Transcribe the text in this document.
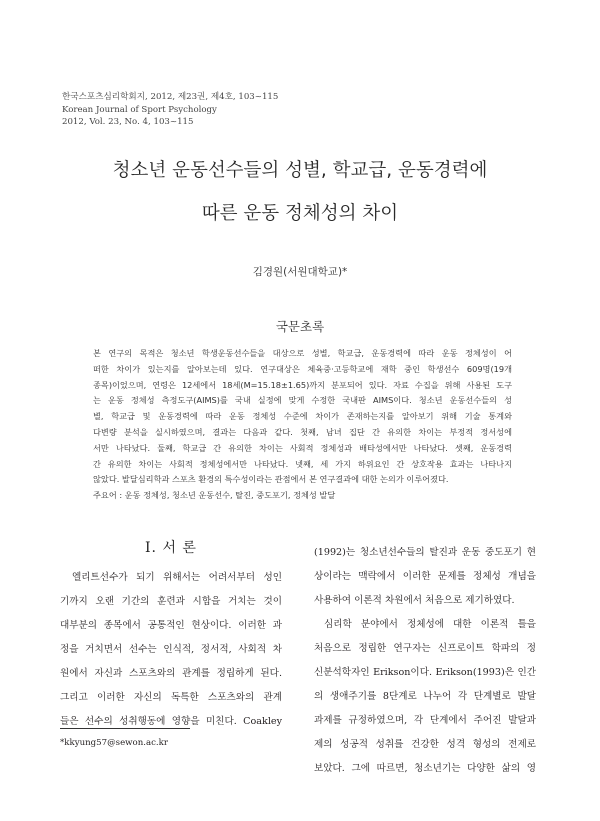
한국스포츠심리학회지, 2012, 제23권, 제4호, 103~115
Korean Journal of Sport Psychology
2012, Vol. 23, No. 4, 103~115
청소년 운동선수들의 성별, 학교급, 운동경력에
따른 운동 정체성의 차이
김경원(서원대학교)*
국문초록
본 연구의 목적은 청소년 학생운동선수들을 대상으로 성별, 학교급, 운동경력에 따라 운동 정체성이 어
떠한 차이가 있는지를 알아보는데 있다. 연구대상은 체육중·고등학교에 재학 중인 학생선수 609명(19개
종목)이었으며, 연령은 12세에서 18세(M=15.18±1.65)까지 분포되어 있다. 자료 수집을 위해 사용된 도구
는 운동 정체성 측정도구(AIMS)를 국내 실정에 맞게 수정한 국내판 AIMS이다. 청소년 운동선수들의 성
별, 학교급 및 운동경력에 따라 운동 정체성 수준에 차이가 존재하는지를 알아보기 위해 기술 통계와
다변량 분석을 실시하였으며, 결과는 다음과 같다. 첫째, 남녀 집단 간 유의한 차이는 부정적 정서성에
서만 나타났다. 둘째, 학교급 간 유의한 차이는 사회적 정체성과 배타성에서만 나타났다. 셋째, 운동경력
간 유의한 차이는 사회적 정체성에서만 나타났다. 넷째, 세 가지 하위요인 간 상호작용 효과는 나타나지
않았다. 발달심리학과 스포츠 환경의 특수성이라는 관점에서 본 연구결과에 대한 논의가 이루어졌다.
주요어 : 운동 정체성, 청소년 운동선수, 탈진, 중도포기, 정체성 발달
I. 서 론
엘리트선수가 되기 위해서는 어려서부터 성인
기까지 오랜 기간의 훈련과 시합을 거치는 것이
대부분의 종목에서 공통적인 현상이다. 이러한 과
정을 거치면서 선수는 인식적, 정서적, 사회적 차
원에서 자신과 스포츠와의 관계를 정립하게 된다.
그리고 이러한 자신의 독특한 스포츠와의 관계
들은 선수의 성취행동에 영향을 미친다. Coakley
(1992)는 청소년선수들의 탈진과 운동 중도포기 현
상이라는 맥락에서 이러한 문제를 정체성 개념을
사용하여 이론적 차원에서 처음으로 제기하였다.
심리학 분야에서 정체성에 대한 이론적 틀을
처음으로 정립한 연구자는 신프로이트 학파의 정
신분석학자인 Erikson이다. Erikson(1993)은 인간
의 생애주기를 8단계로 나누어 각 단계별로 발달
과제를 규정하였으며, 각 단계에서 주어진 발달과
제의 성공적 성취를 건강한 성격 형성의 전제로
보았다. 그에 따르면, 청소년기는 다양한 삶의 영
*kkyung57@sewon.ac.kr
